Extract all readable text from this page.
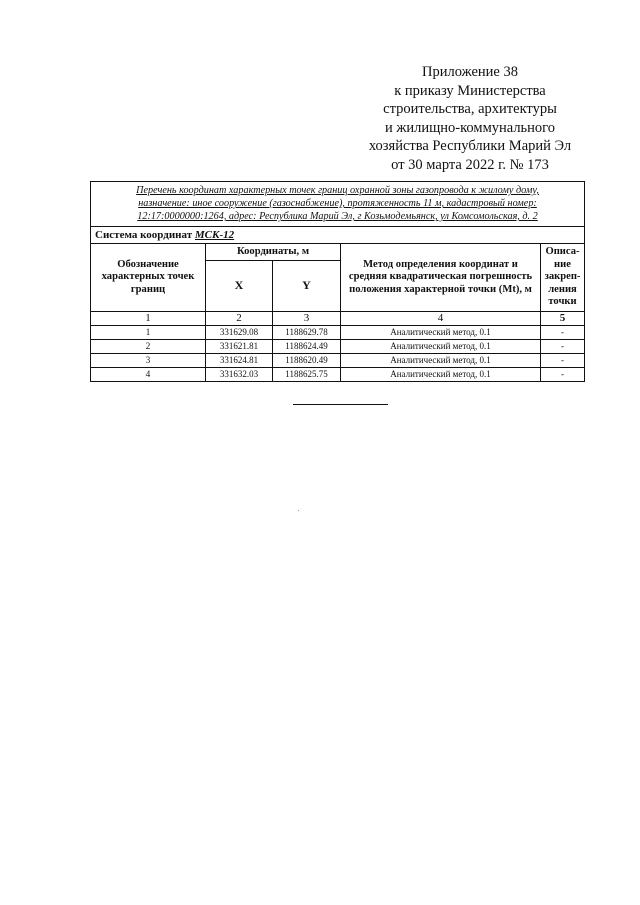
Приложение 38
к приказу Министерства
строительства, архитектуры
и жилищно-коммунального
хозяйства Республики Марий Эл
от 30 марта 2022 г. № 173
Перечень координат характерных точек границ охранной зоны газопровода к жилому дому,
назначение: иное сооружение (газоснабжение), протяженность 11 м, кадастровый номер:
12:17:0000000:1264, адрес: Республика Марий Эл, г Козьмодемьянск, ул Комсомольская, д. 2				

Система координат МСК-12				
Обозначение характерных точек границ	Координаты, м		Метод определения координат и средняя квадратическая погрешность положения характерной точки (Mt), м	Описа-ние закреп-ления точки
	X	Y		
1	2	3	4	5
1	331629.08	1188629.78	Аналитический метод, 0.1	-
2	331621.81	1188624.49	Аналитический метод, 0.1	-
3	331624.81	1188620.49	Аналитический метод, 0.1	-
4	331632.03	1188625.75	Аналитический метод, 0.1	-
